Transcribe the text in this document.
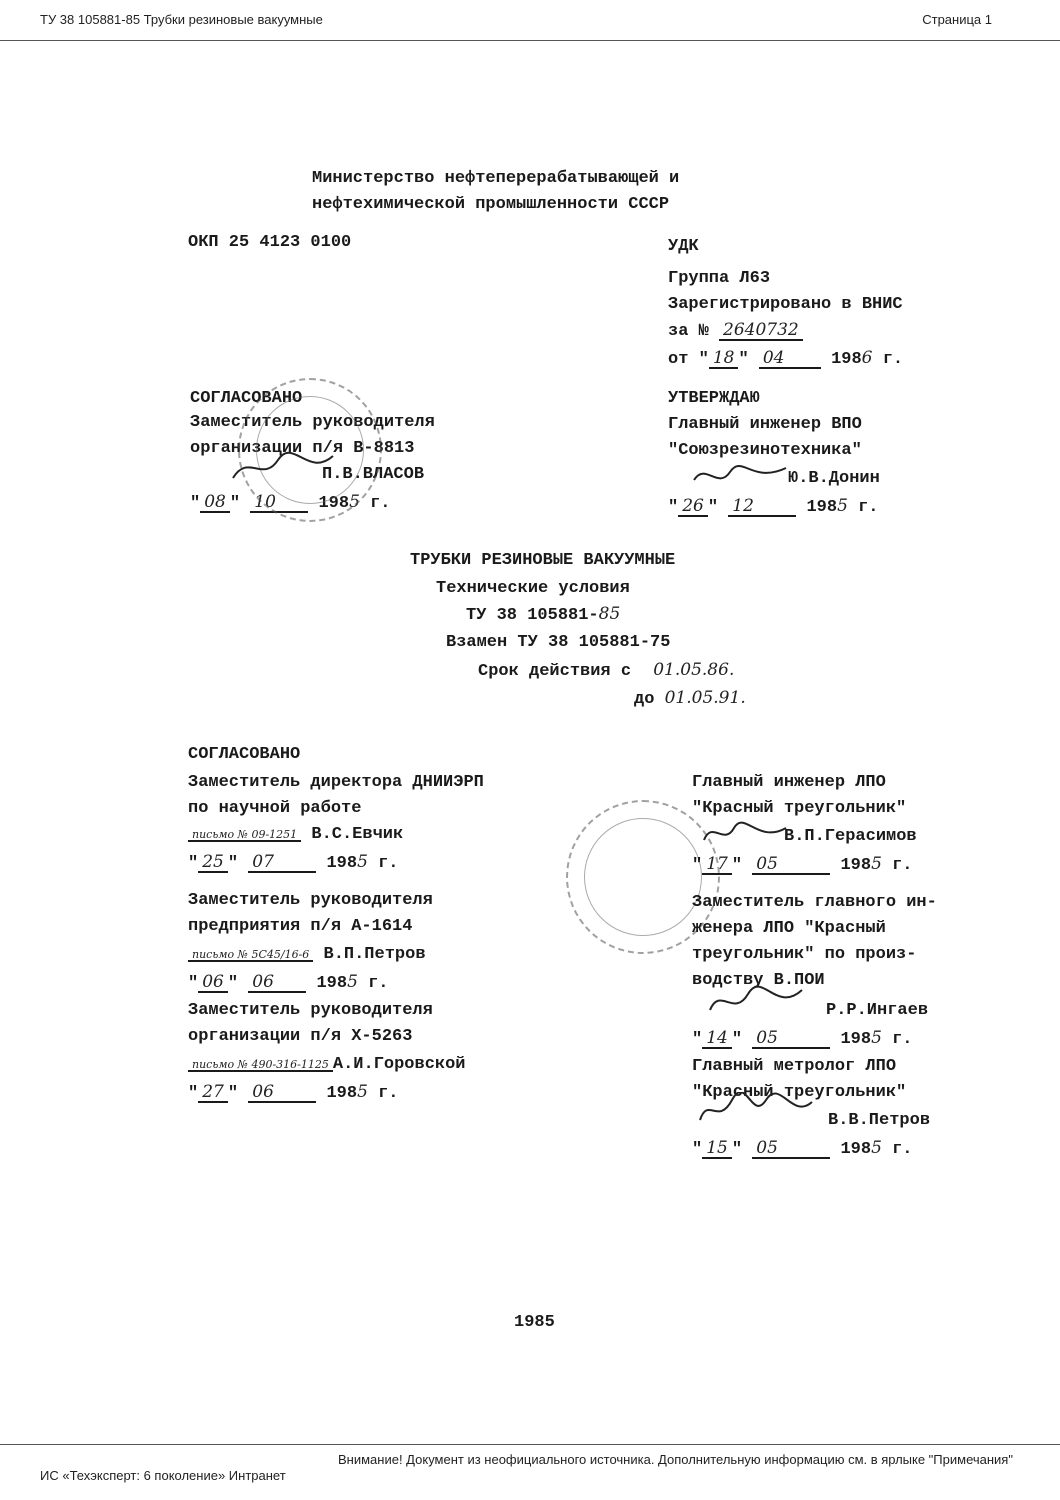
ТУ 38 105881-85 Трубки резиновые вакуумные	Страница 1
Министерство нефтеперерабатывающей и
нефтехимической промышленности СССР
ОКП 25 4123 0100	УДК
Группа Л63
Зарегистрировано в ВНИС
за № 2640732
от " 18 " 04	1986 г.
СОГЛАСОВАНО
Заместитель руководителя
организации п/я В-8813
П.В.ВЛАСОВ
" 08 " 10	1985 г.
УТВЕРЖДАЮ
Главный инженер ВПО
"Союзрезинотехника"
Ю.В.Донин
" 26 " 12	1985 г.
ТРУБКИ РЕЗИНОВЫЕ ВАКУУМНЫЕ
Технические условия
ТУ 38 105881-85
Взамен ТУ 38 105881-75
Срок действия с 01.05.86.
до 01.05.91.
СОГЛАСОВАНО
Заместитель директора ДНИИЭРП
по научной работе
письмо № 09-1251 В.С.Евчик
" 25 " 07	1985 г.
Заместитель руководителя
предприятия п/я А-1614
письмо № 5С45/16-6 В.П.Петров
" 06 " 06	1985 г.
Заместитель руководителя
организации п/я Х-5263
письмо № 490-316-1125 А.И.Горовской
" 27 " 06	1985 г.
Главный инженер ЛПО
"Красный треугольник"
В.П.Герасимов
" 17 " 05	1985 г.
Заместитель главного ин-
женера ЛПО "Красный
треугольник" по произ-
водству В.ПОИ
Р.Р.Ингаев
" 14 " 05	1985 г.
Главный метролог ЛПО
"Красный треугольник"
В.В.Петров
" 15 " 05	1985 г.
1985
Внимание! Документ из неофициального источника. Дополнительную информацию см. в ярлыке "Примечания"
ИС «Техэксперт: 6 поколение» Интранет
